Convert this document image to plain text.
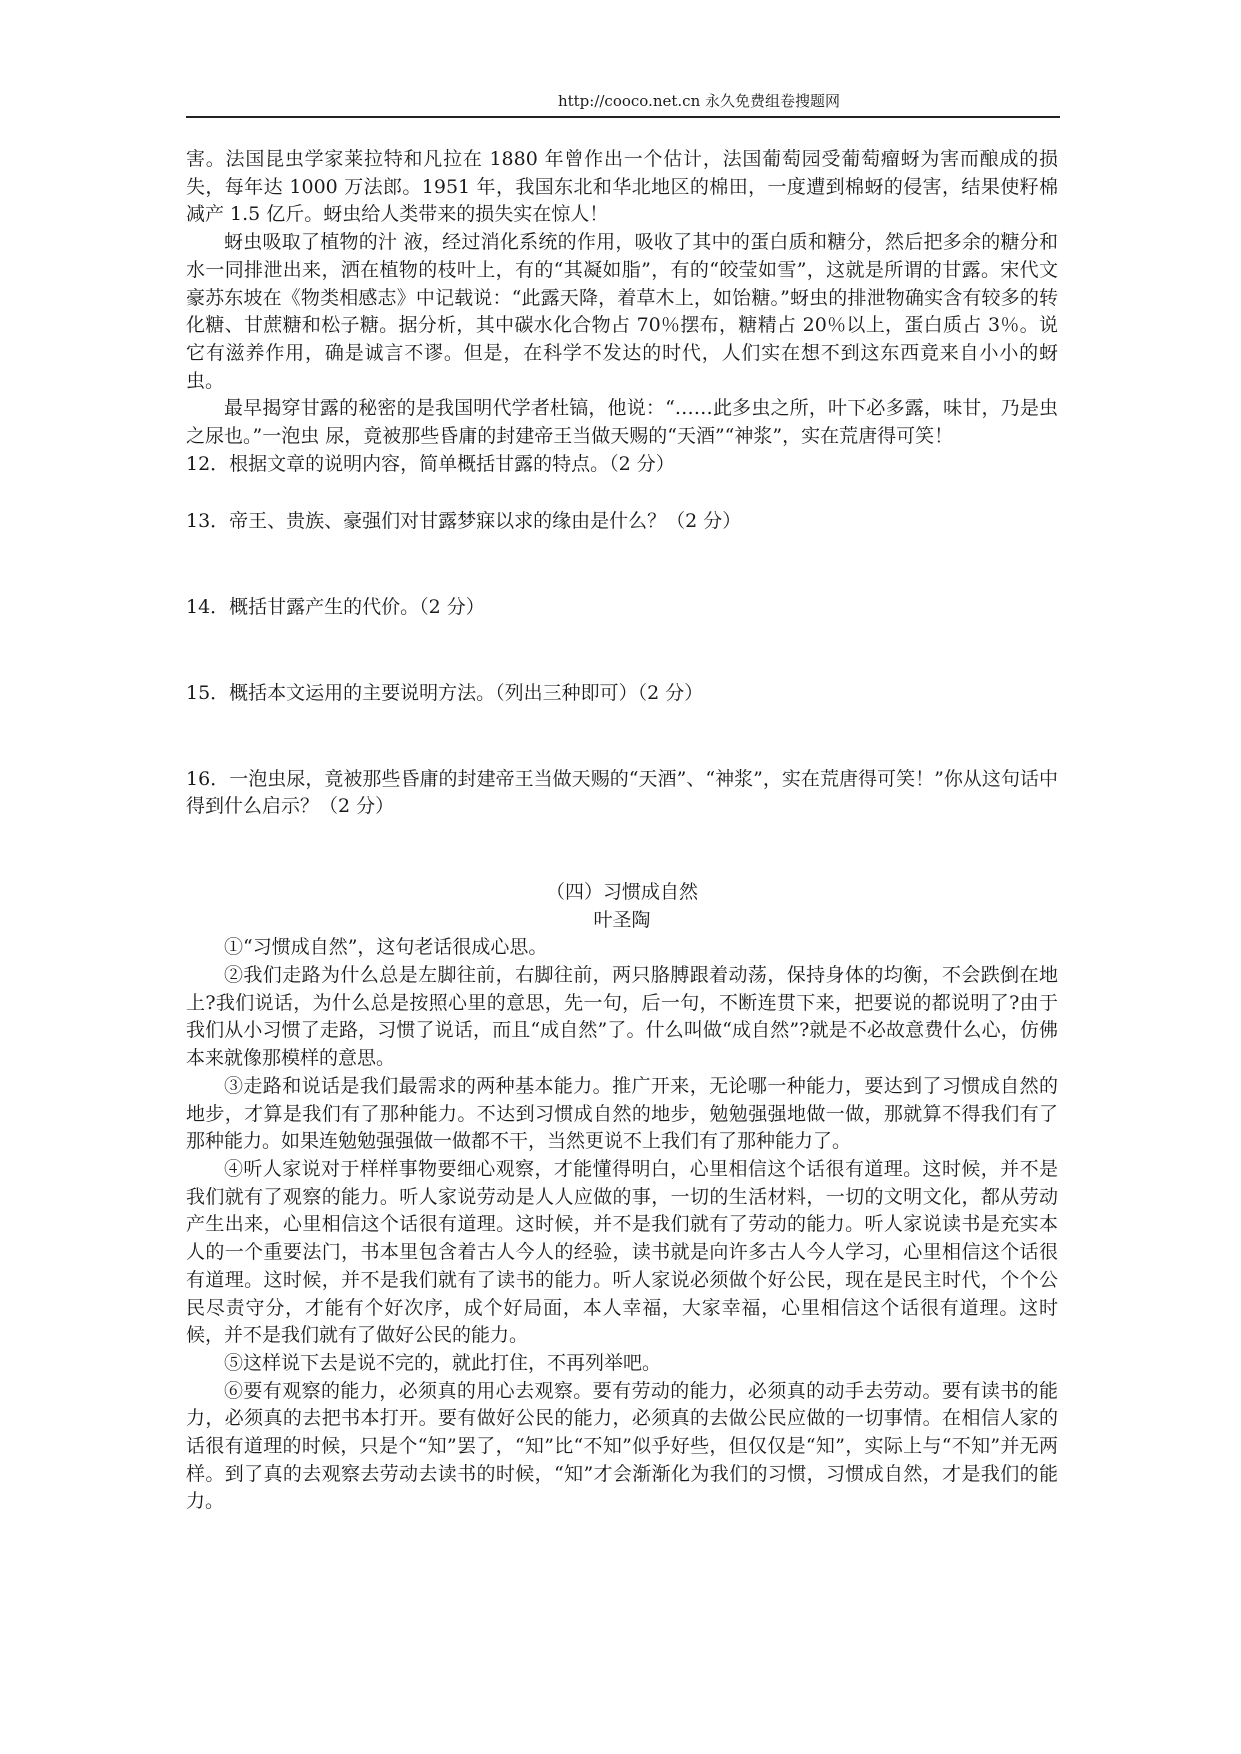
http://cooco.net.cn 永久免费组卷搜题网

害。法国昆虫学家莱拉特和凡拉在 1880 年曾作出一个估计，法国葡萄园受葡萄瘤蚜为害而酿成的损失，每年达 1000 万法郎。1951 年，我国东北和华北地区的棉田，一度遭到棉蚜的侵害，结果使籽棉减产 1.5 亿斤。蚜虫给人类带来的损失实在惊人！

蚜虫吸取了植物的汁 液，经过消化系统的作用，吸收了其中的蛋白质和糖分，然后把多余的糖分和水一同排泄出来，洒在植物的枝叶上，有的“其凝如脂”，有的“皎莹如雪”，这就是所谓的甘露。宋代文豪苏东坡在《物类相感志》中记载说：“此露天降，着草木上，如饴糖。”蚜虫的排泄物确实含有较多的转化糖、甘蔗糖和松子糖。据分析，其中碳水化合物占 70％摆布，糖精占 20％以上，蛋白质占 3％。说它有滋养作用，确是诚言不谬。但是，在科学不发达的时代，人们实在想不到这东西竟来自小小的蚜虫。

最早揭穿甘露的秘密的是我国明代学者杜镐，他说：“……此多虫之所，叶下必多露，味甘，乃是虫之尿也。”一泡虫 尿，竟被那些昏庸的封建帝王当做天赐的“天酒”“神浆”，实在荒唐得可笑！

12．根据文章的说明内容，简单概括甘露的特点。（2 分）

13．帝王、贵族、豪强们对甘露梦寐以求的缘由是什么？（2 分）

14．概括甘露产生的代价。（2 分）

15．概括本文运用的主要说明方法。（列出三种即可）（2 分）

16．一泡虫尿，竟被那些昏庸的封建帝王当做天赐的“天酒”、“神浆”，实在荒唐得可笑！”你从这句话中得到什么启示？（2 分）

（四）习惯成自然

叶圣陶

①“习惯成自然”，这句老话很成心思。

②我们走路为什么总是左脚往前，右脚往前，两只胳膊跟着动荡，保持身体的均衡，不会跌倒在地上?我们说话，为什么总是按照心里的意思，先一句，后一句，不断连贯下来，把要说的都说明了?由于我们从小习惯了走路，习惯了说话，而且“成自然”了。什么叫做“成自然”?就是不必故意费什么心，仿佛本来就像那模样的意思。

③走路和说话是我们最需求的两种基本能力。推广开来，无论哪一种能力，要达到了习惯成自然的地步，才算是我们有了那种能力。不达到习惯成自然的地步，勉勉强强地做一做，那就算不得我们有了那种能力。如果连勉勉强强做一做都不干，当然更说不上我们有了那种能力了。

④听人家说对于样样事物要细心观察，才能懂得明白，心里相信这个话很有道理。这时候，并不是我们就有了观察的能力。听人家说劳动是人人应做的事，一切的生活材料，一切的文明文化，都从劳动产生出来，心里相信这个话很有道理。这时候，并不是我们就有了劳动的能力。听人家说读书是充实本人的一个重要法门，书本里包含着古人今人的经验，读书就是向许多古人今人学习，心里相信这个话很有道理。这时候，并不是我们就有了读书的能力。听人家说必须做个好公民，现在是民主时代，个个公民尽责守分，才能有个好次序，成个好局面，本人幸福，大家幸福，心里相信这个话很有道理。这时候，并不是我们就有了做好公民的能力。

⑤这样说下去是说不完的，就此打住，不再列举吧。

⑥要有观察的能力，必须真的用心去观察。要有劳动的能力，必须真的动手去劳动。要有读书的能力，必须真的去把书本打开。要有做好公民的能力，必须真的去做公民应做的一切事情。在相信人家的话很有道理的时候，只是个“知”罢了，“知”比“不知”似乎好些，但仅仅是“知”，实际上与“不知”并无两样。到了真的去观察去劳动去读书的时候，“知”才会渐渐化为我们的习惯，习惯成自然，才是我们的能力。
